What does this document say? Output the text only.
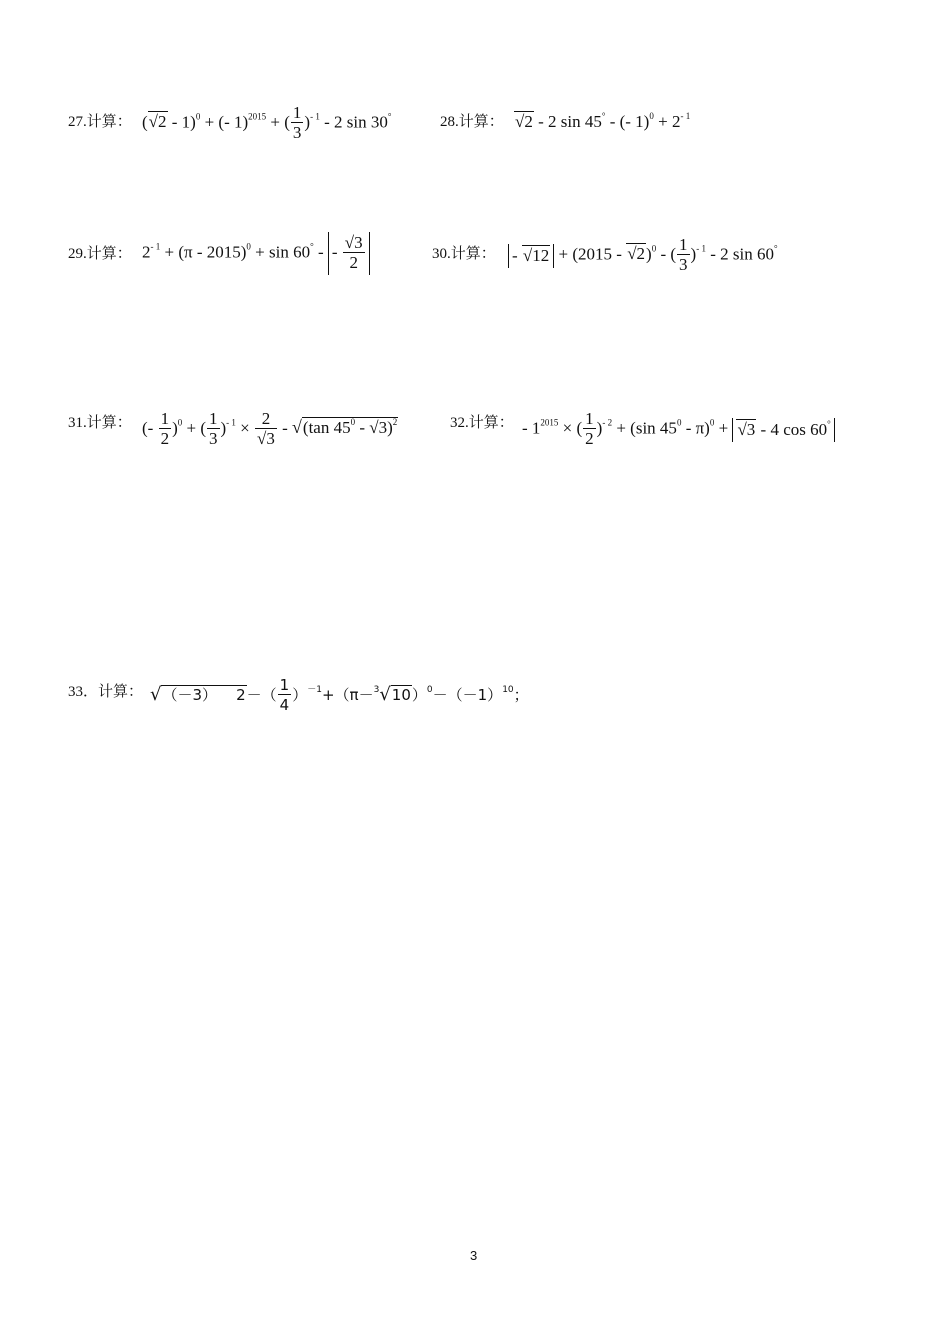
27.计算： (√2 - 1)$^0$ + (- 1)$^{2015}$ + ( $\frac{1}{3} )^{- 1} - 2$ sin 30°	28.计算： √2 - 2 sin 45° - (- $1)^0 + 2^{- 1}$
29.计算： $2^{- 1} + (\pi - 2015)^0 + \sin 60^\circ$ - - $\frac{√3}{2}$	30.计算： - √12 + (2015 - √2)$^0$ - ( $\frac{1}{3} )^{- 1} - 2$ sin 60°
31.计算： (- $\frac{1}{2} )^0$ + ( $\frac{1}{3} )^{- 1} \times \frac{2}{√3} - √(\tan$ $45^0 - √3)^2$	32.计算： - $1^{2015}$ × ( $\frac{1}{2} )^{- 2} + (\sin$ $45^0 - \pi)^0 + √3 - 4$ cos 60°
33．计算： √（－3） $2-( \frac{1}{4} )^{-1}+(\pi-^3√10)^0-(-1)^{10}$；
3
